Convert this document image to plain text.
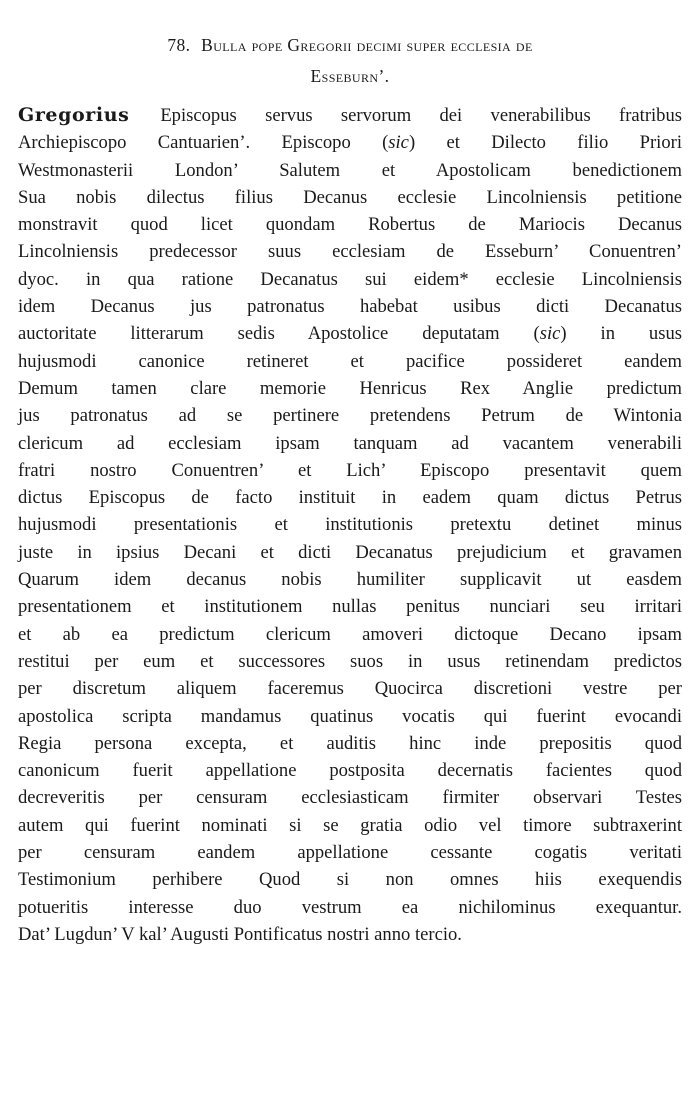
78. Bulla pope Gregorii decimi super ecclesia de
Esseburn’.
Gregorius Episcopus servus servorum dei venerabilibus fratribus
Archiepiscopo Cantuarien’. Episcopo (sic) et Dilecto filio Priori
Westmonasterii London’ Salutem et Apostolicam benedictionem
Sua nobis dilectus filius Decanus ecclesie Lincolniensis petitione
monstravit quod licet quondam Robertus de Mariocis Decanus
Lincolniensis predecessor suus ecclesiam de Esseburn’ Conuentren’
dyoc. in qua ratione Decanatus sui eidem* ecclesie Lincolniensis
idem Decanus jus patronatus habebat usibus dicti Decanatus
auctoritate litterarum sedis Apostolice deputatam (sic) in usus
hujusmodi canonice retineret et pacifice possideret eandem
Demum tamen clare memorie Henricus Rex Anglie predictum
jus patronatus ad se pertinere pretendens Petrum de Wintonia
clericum ad ecclesiam ipsam tanquam ad vacantem venerabili
fratri nostro Conuentren’ et Lich’ Episcopo presentavit quem
dictus Episcopus de facto instituit in eadem quam dictus Petrus
hujusmodi presentationis et institutionis pretextu detinet minus
juste in ipsius Decani et dicti Decanatus prejudicium et gravamen
Quarum idem decanus nobis humiliter supplicavit ut easdem
presentationem et institutionem nullas penitus nunciari seu irritari
et ab ea predictum clericum amoveri dictoque Decano ipsam
restitui per eum et successores suos in usus retinendam predictos
per discretum aliquem faceremus Quocirca discretioni vestre per
apostolica scripta mandamus quatinus vocatis qui fuerint evocandi
Regia persona excepta, et auditis hinc inde prepositis quod
canonicum fuerit appellatione postposita decernatis facientes quod
decreveritis per censuram ecclesiasticam firmiter observari Testes
autem qui fuerint nominati si se gratia odio vel timore subtraxerint
per censuram eandem appellatione cessante cogatis veritati
Testimonium perhibere Quod si non omnes hiis exequendis
potueritis interesse duo vestrum ea nichilominus exequantur.
Dat’ Lugdun’ V kal’ Augusti Pontificatus nostri anno tercio.
